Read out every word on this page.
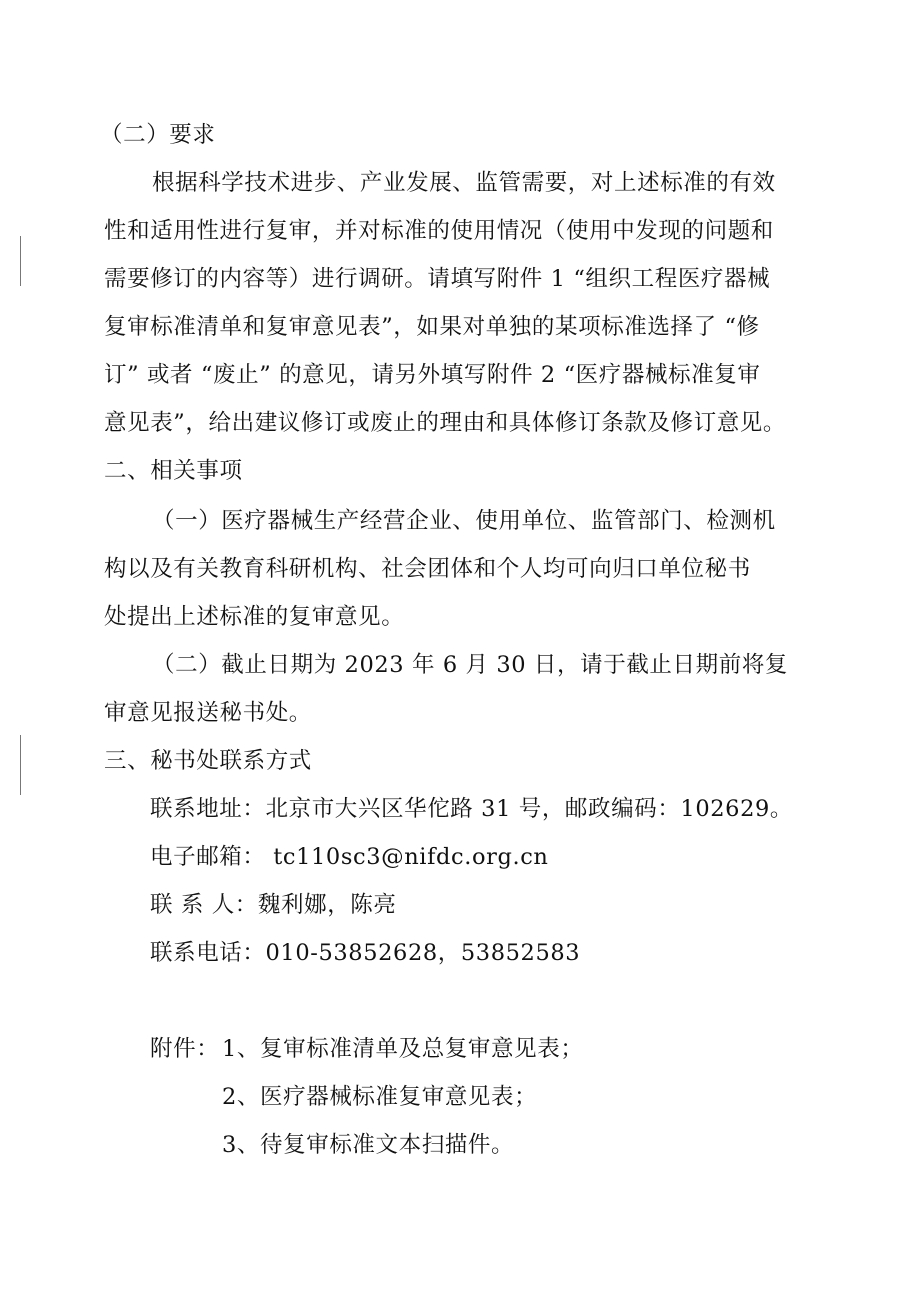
（二）要求
根据科学技术进步、产业发展、监管需要，对上述标准的有效
性和适用性进行复审，并对标准的使用情况（使用中发现的问题和
需要修订的内容等）进行调研。请填写附件 1 “组织工程医疗器械
复审标准清单和复审意见表”，如果对单独的某项标准选择了 “修
订” 或者 “废止” 的意见，请另外填写附件 2 “医疗器械标准复审
意见表”，给出建议修订或废止的理由和具体修订条款及修订意见。
二、相关事项
（一）医疗器械生产经营企业、使用单位、监管部门、检测机
构以及有关教育科研机构、社会团体和个人均可向归口单位秘书
处提出上述标准的复审意见。
（二）截止日期为 2023 年 6 月 30 日，请于截止日期前将复
审意见报送秘书处。
三、秘书处联系方式
联系地址：北京市大兴区华佗路 31 号，邮政编码：102629。
电子邮箱： tc110sc3@nifdc.org.cn
联 系 人：魏利娜，陈亮
联系电话：010-53852628，53852583
附件： 1、复审标准清单及总复审意见表；
2、医疗器械标准复审意见表；
3、待复审标准文本扫描件。
